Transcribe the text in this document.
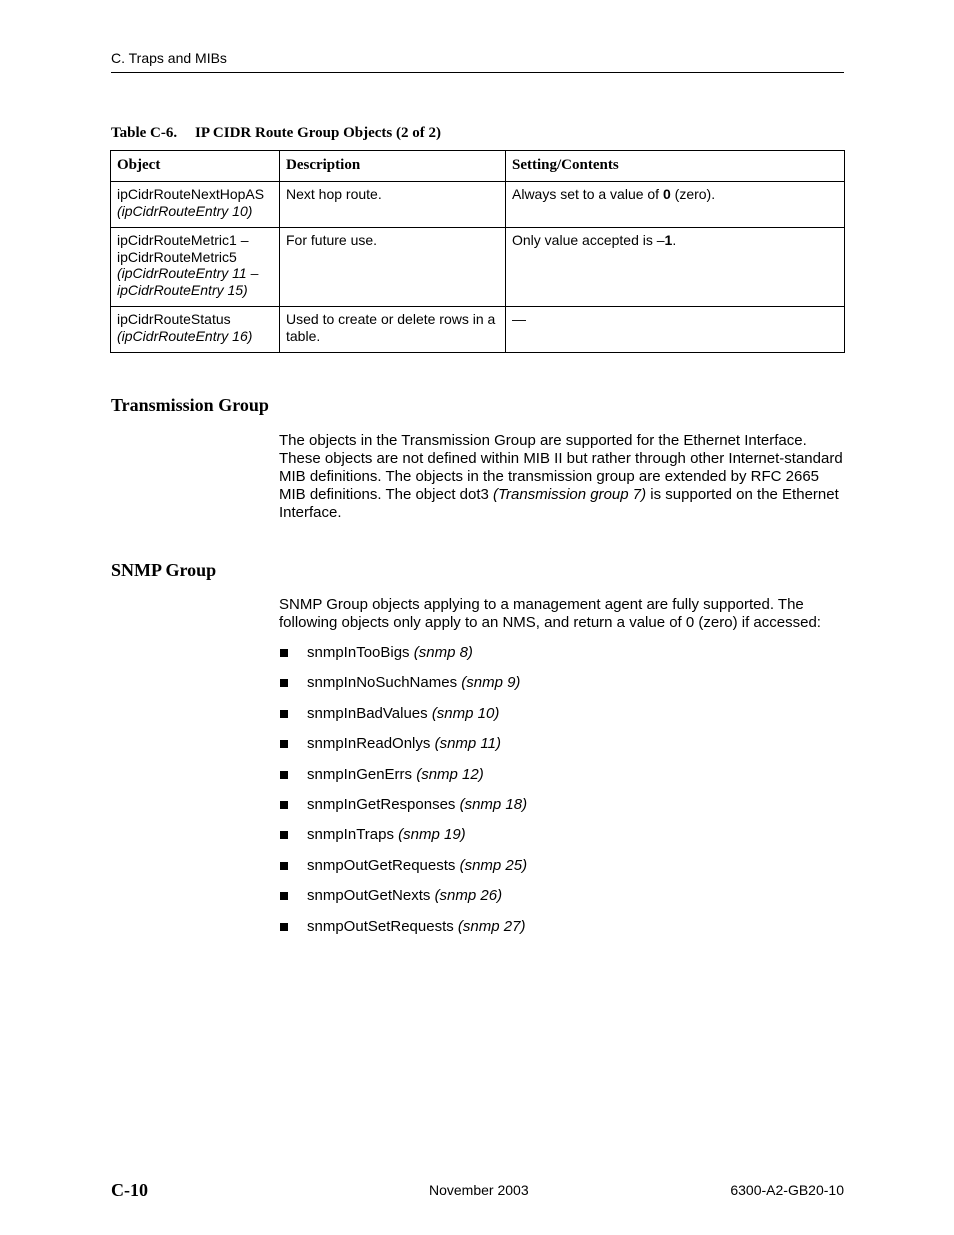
C. Traps and MIBs
Table C-6. IP CIDR Route Group Objects (2 of 2)
Object	Description	Setting/Contents

ipCidrRouteNextHopAS
(ipCidrRouteEntry 10)	Next hop route.	Always set to a value of 0 (zero).

ipCidrRouteMetric1 –
ipCidrRouteMetric5
(ipCidrRouteEntry 11 –
ipCidrRouteEntry 15)	For future use.	Only value accepted is –1.

ipCidrRouteStatus
(ipCidrRouteEntry 16)	Used to create or delete rows in a table.	—
Transmission Group
The objects in the Transmission Group are supported for the Ethernet Interface. These objects are not defined within MIB II but rather through other Internet-standard MIB definitions. The objects in the transmission group are extended by RFC 2665 MIB definitions. The object dot3 (Transmission group 7) is supported on the Ethernet Interface.
SNMP Group
SNMP Group objects applying to a management agent are fully supported. The following objects only apply to an NMS, and return a value of 0 (zero) if accessed:
snmpInTooBigs (snmp 8)
snmpInNoSuchNames (snmp 9)
snmpInBadValues (snmp 10)
snmpInReadOnlys (snmp 11)
snmpInGenErrs (snmp 12)
snmpInGetResponses (snmp 18)
snmpInTraps (snmp 19)
snmpOutGetRequests (snmp 25)
snmpOutGetNexts (snmp 26)
snmpOutSetRequests (snmp 27)
C-10	November 2003	6300-A2-GB20-10
